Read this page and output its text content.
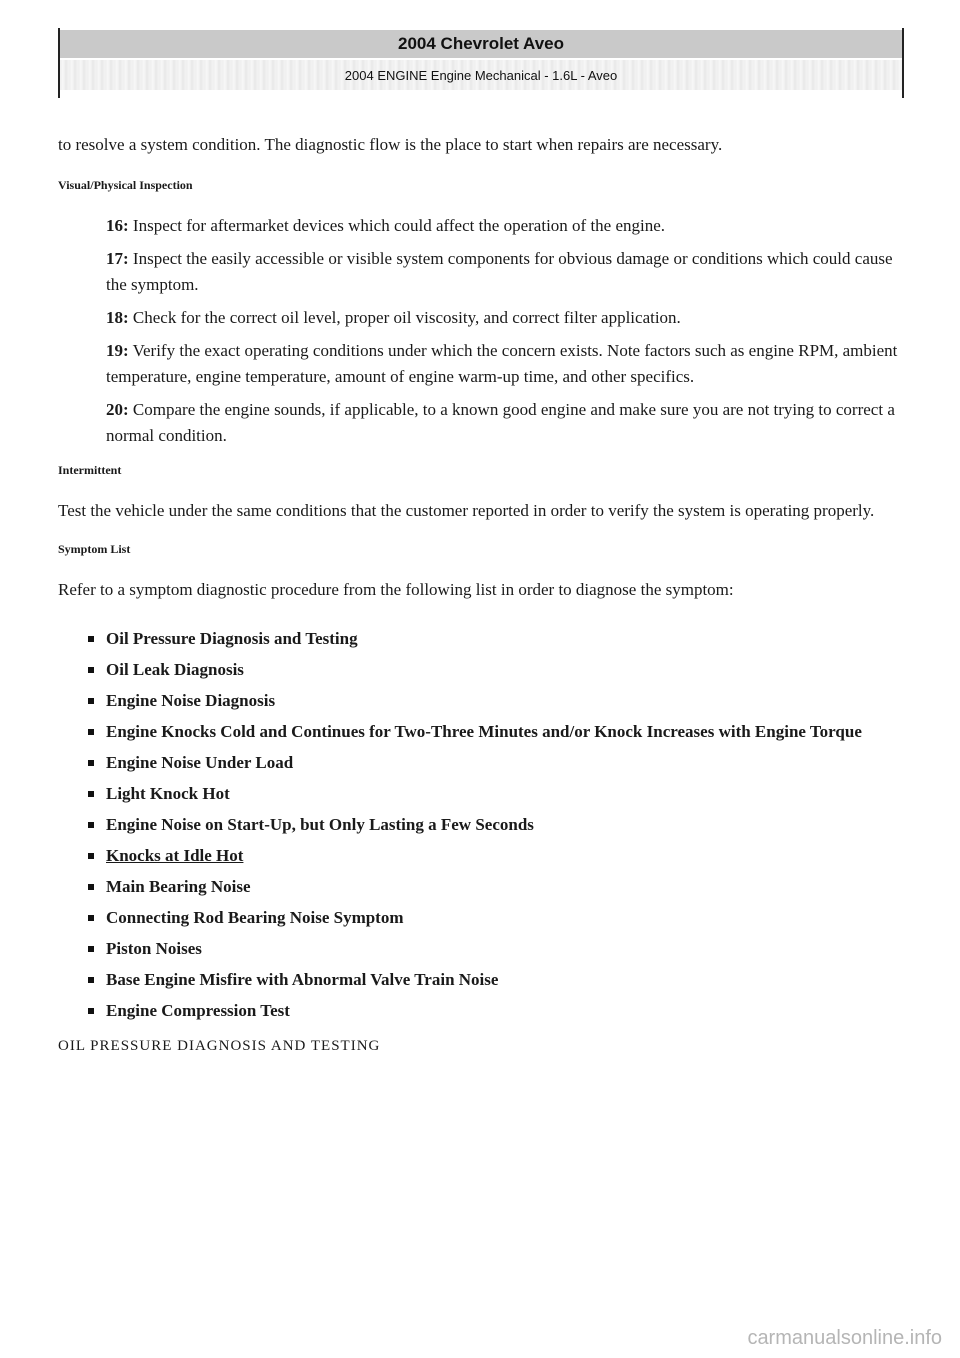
2004 Chevrolet Aveo
2004 ENGINE Engine Mechanical - 1.6L - Aveo

to resolve a system condition. The diagnostic flow is the place to start when repairs are necessary.

Visual/Physical Inspection

16: Inspect for aftermarket devices which could affect the operation of the engine.

17: Inspect the easily accessible or visible system components for obvious damage or conditions which could cause the symptom.

18: Check for the correct oil level, proper oil viscosity, and correct filter application.

19: Verify the exact operating conditions under which the concern exists. Note factors such as engine RPM, ambient temperature, engine temperature, amount of engine warm-up time, and other specifics.

20: Compare the engine sounds, if applicable, to a known good engine and make sure you are not trying to correct a normal condition.

Intermittent

Test the vehicle under the same conditions that the customer reported in order to verify the system is operating properly.

Symptom List

Refer to a symptom diagnostic procedure from the following list in order to diagnose the symptom:

Oil Pressure Diagnosis and Testing
Oil Leak Diagnosis
Engine Noise Diagnosis
Engine Knocks Cold and Continues for Two-Three Minutes and/or Knock Increases with Engine Torque
Engine Noise Under Load
Light Knock Hot
Engine Noise on Start-Up, but Only Lasting a Few Seconds
Knocks at Idle Hot
Main Bearing Noise
Connecting Rod Bearing Noise Symptom
Piston Noises
Base Engine Misfire with Abnormal Valve Train Noise
Engine Compression Test

OIL PRESSURE DIAGNOSIS AND TESTING

carmanualsonline.info
